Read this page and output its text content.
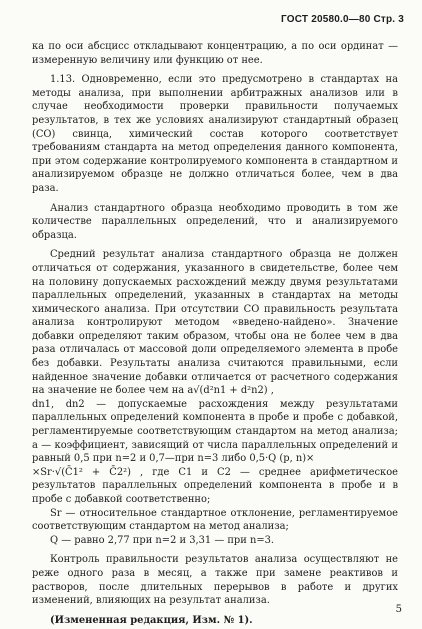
ГОСТ 20580.0—80 Стр. 3

ка по оси абсцисс откладывают концентрацию, а по оси ординат — измеренную величину или функцию от нее.

1.13. Одновременно, если это предусмотрено в стандартах на методы анализа, при выполнении арбитражных анализов или в случае необходимости проверки правильности получаемых результатов, в тех же условиях анализируют стандартный образец (СО) свинца, химический состав которого соответствует требованиям стандарта на метод определения данного компонента, при этом содержание контролируемого компонента в стандартном и анализируемом образце не должно отличаться более, чем в два раза.

Анализ стандартного образца необходимо проводить в том же количестве параллельных определений, что и анализируемого образца.

Средний результат анализа стандартного образца не должен отличаться от содержания, указанного в свидетельстве, более чем на половину допускаемых расхождений между двумя результатами параллельных определений, указанных в стандартах на методы химического анализа. При отсутствии СО правильность результата анализа контролируют методом «введено-найдено». Значение добавки определяют таким образом, чтобы она не более чем в два раза отличалась от массовой доли определяемого элемента в пробе без добавки. Результаты анализа считаются правильными, если найденное значение добавки отличается от расчетного содержания на значение не более чем на a√(d²n1 + d²n2) ,

dn1, dn2 — допускаемые расхождения между результатами параллельных определений компонента в пробе и пробе с добавкой, регламентируемые соответствующим стандартом на метод анализа; a — коэффициент, зависящий от числа параллельных определений и равный 0,5 при n=2 и 0,7—при n=3 либо 0,5·Q (p, n)×

×Sr·√(C̄1² + C̄2²) , где C1 и C2 — среднее арифметическое результатов параллельных определений компонента в пробе и в пробе с добавкой соответственно;

Sr — относительное стандартное отклонение, регламентируемое соответствующим стандартом на метод анализа;

Q — равно 2,77 при n=2 и 3,31 — при n=3.

Контроль правильности результатов анализа осуществляют не реже одного раза в месяц, а также при замене реактивов и растворов, после длительных перерывов в работе и других изменений, влияющих на результат анализа.

(Измененная редакция, Изм. № 1).

5
